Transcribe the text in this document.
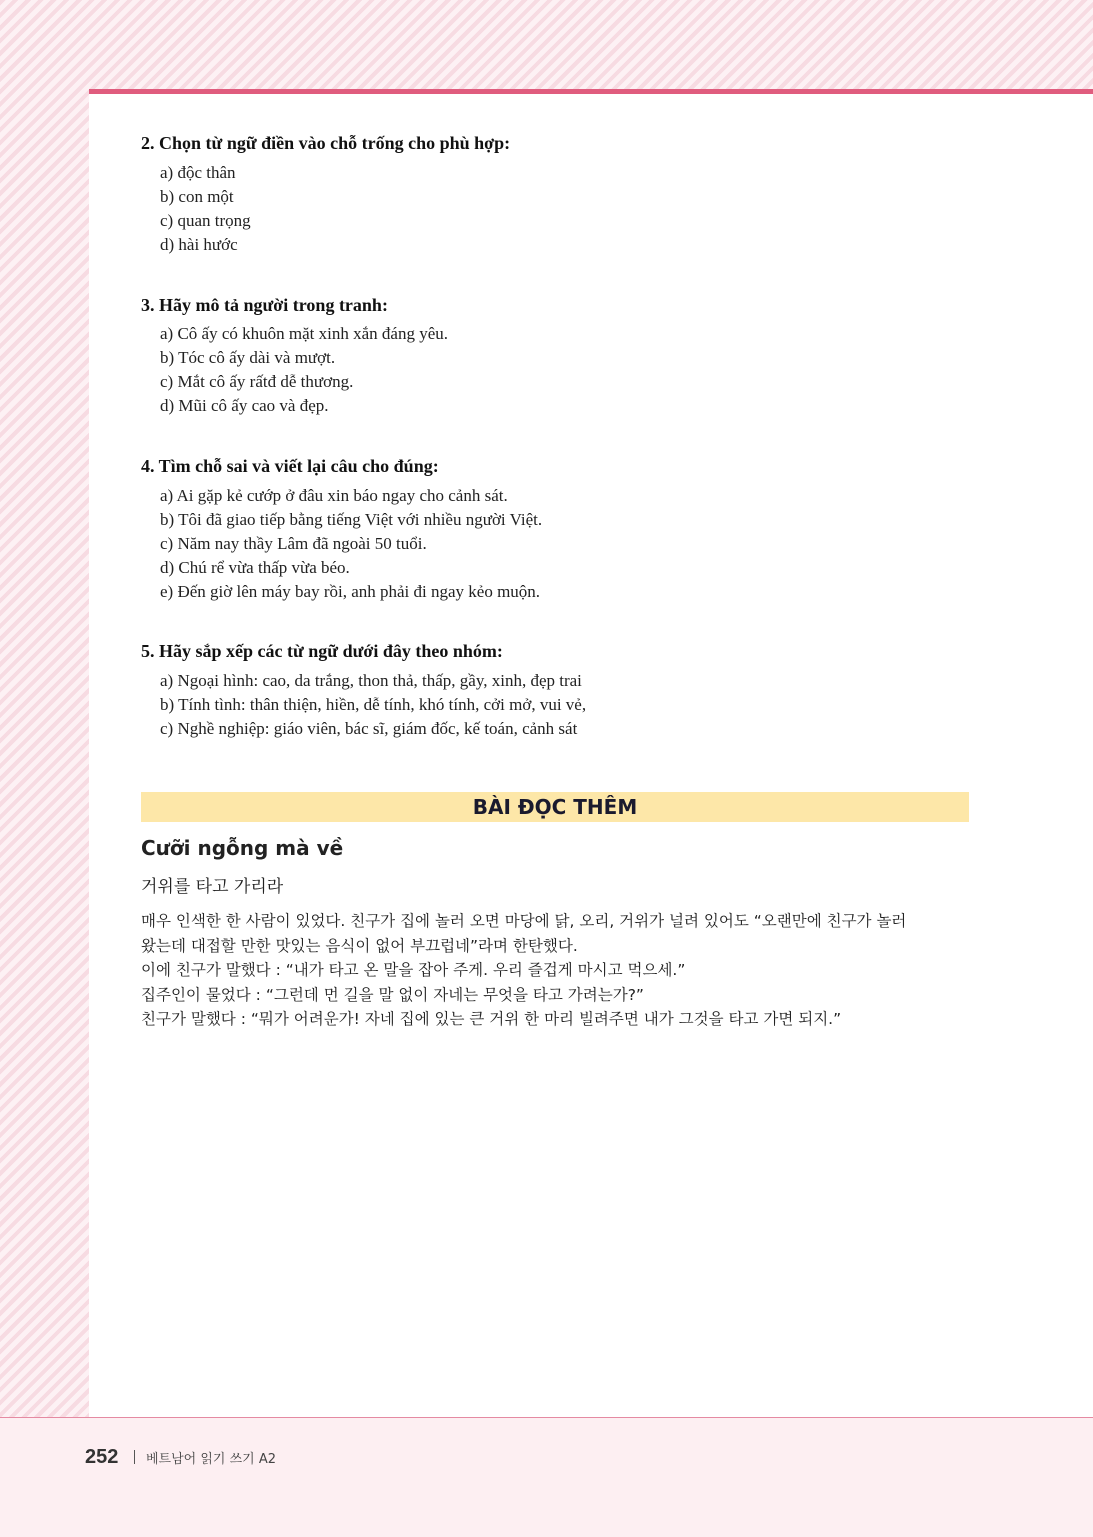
2. Chọn từ ngữ điền vào chỗ trống cho phù hợp:
a) độc thân
b) con một
c) quan trọng
d) hài hước
3. Hãy mô tả người trong tranh:
a) Cô ấy có khuôn mặt xinh xắn đáng yêu.
b) Tóc cô ấy dài và mượt.
c) Mắt cô ấy rấtđ dễ thương.
d) Mũi cô ấy cao và đẹp.
4. Tìm chỗ sai và viết lại câu cho đúng:
a) Ai gặp kẻ cướp ở đâu xin báo ngay cho cảnh sát.
b) Tôi đã giao tiếp bằng tiếng Việt với nhiều người Việt.
c) Năm nay thầy Lâm đã ngoài 50 tuổi.
d) Chú rể vừa thấp vừa béo.
e) Đến giờ lên máy bay rồi, anh phải đi ngay kẻo muộn.
5. Hãy sắp xếp các từ ngữ dưới đây theo nhóm:
a) Ngoại hình: cao, da trắng, thon thả, thấp, gầy, xinh, đẹp trai
b) Tính tình: thân thiện, hiền, dễ tính, khó tính, cởi mở, vui vẻ,
c) Nghề nghiệp: giáo viên, bác sĩ, giám đốc, kế toán, cảnh sát
BÀI ĐỌC THÊM
Cưỡi ngỗng mà về
거위를 타고 가리라
매우 인색한 한 사람이 있었다. 친구가 집에 놀러 오면 마당에 닭, 오리, 거위가 널려 있어도 “오랜만에 친구가 놀러
왔는데 대접할 만한 맛있는 음식이 없어 부끄럽네”라며 한탄했다.
이에 친구가 말했다 : “내가 타고 온 말을 잡아 주게. 우리 즐겁게 마시고 먹으세.”
집주인이 물었다 : “그런데 먼 길을 말 없이 자네는 무엇을 타고 가려는가?”
친구가 말했다 : “뭐가 어려운가! 자네 집에 있는 큰 거위 한 마리 빌려주면 내가 그것을 타고 가면 되지.”
252 베트남어 읽기 쓰기 A2
